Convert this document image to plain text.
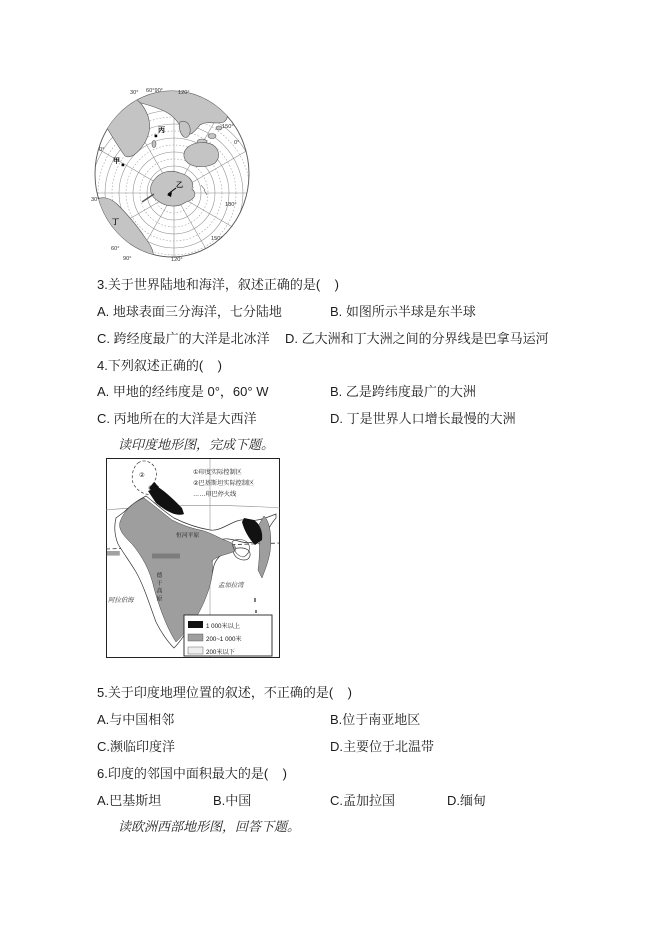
30° 60°90°	120°
150°
0°
180°
150°
120°
90°
60°
30°
0°
甲
丙
乙
丁
3.关于世界陆地和海洋，叙述正确的是(    )
A. 地球表面三分海洋，七分陆地	B. 如图所示半球是东半球
C. 跨经度最广的大洋是北冰洋 D. 乙大洲和丁大洲之间的分界线是巴拿马运河
4.下列叙述正确的(    )
A. 甲地的经纬度是 0°，60° W	B. 乙是跨纬度最广的大洲
C. 丙地所在的大洋是大西洋	D. 丁是世界人口增长最慢的大洲
读印度地形图，完成下题。
①印度实际控制区
②巴基斯坦实际控制区
……印巴停火线
②
①
恒河平原
德干高原
阿拉伯海
孟加拉湾
1 000米以上
200~1 000米
200米以下
5.关于印度地理位置的叙述，不正确的是(    )
A.与中国相邻	B.位于南亚地区
C.濒临印度洋	D.主要位于北温带
6.印度的邻国中面积最大的是(    )
A.巴基斯坦	B.中国	C.孟加拉国	D.缅甸
读欧洲西部地形图，回答下题。
